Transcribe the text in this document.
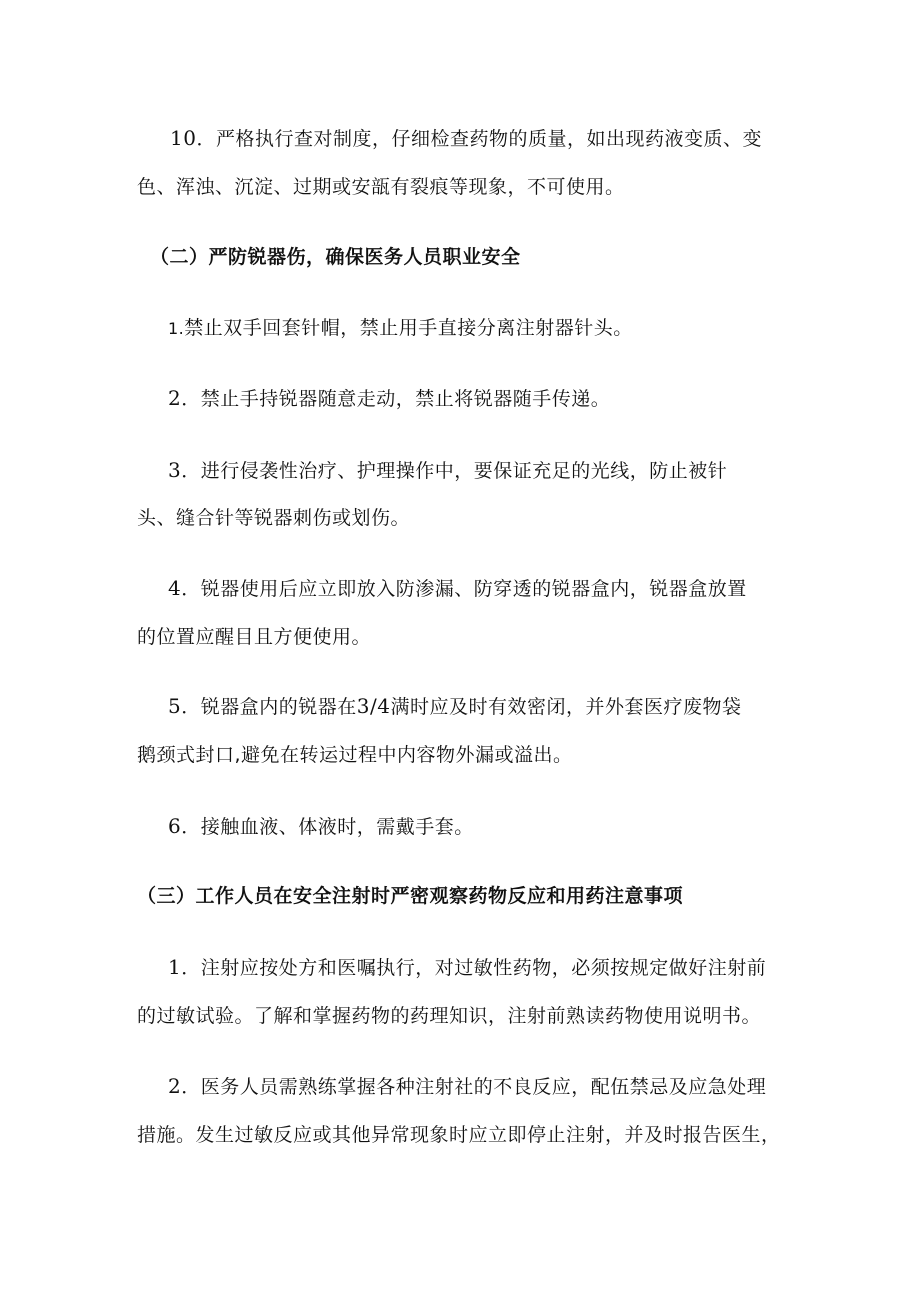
10．严格执行查对制度，仔细检查药物的质量，如出现药液变质、变
色、浑浊、沉淀、过期或安瓿有裂痕等现象，不可使用。
（二）严防锐器伤，确保医务人员职业安全
1.禁止双手回套针帽，禁止用手直接分离注射器针头。
2．禁止手持锐器随意走动，禁止将锐器随手传递。
3．进行侵袭性治疗、护理操作中，要保证充足的光线，防止被针
头、缝合针等锐器刺伤或划伤。
4．锐器使用后应立即放入防渗漏、防穿透的锐器盒内，锐器盒放置
的位置应醒目且方便使用。
5．锐器盒内的锐器在3/4满时应及时有效密闭，并外套医疗废物袋
鹅颈式封口,避免在转运过程中内容物外漏或溢出。
6．接触血液、体液时，需戴手套。
（三）工作人员在安全注射时严密观察药物反应和用药注意事项
1．注射应按处方和医嘱执行，对过敏性药物，必须按规定做好注射前
的过敏试验。了解和掌握药物的药理知识，注射前熟读药物使用说明书。
2．医务人员需熟练掌握各种注射社的不良反应，配伍禁忌及应急处理
措施。发生过敏反应或其他异常现象时应立即停止注射，并及时报告医生，
